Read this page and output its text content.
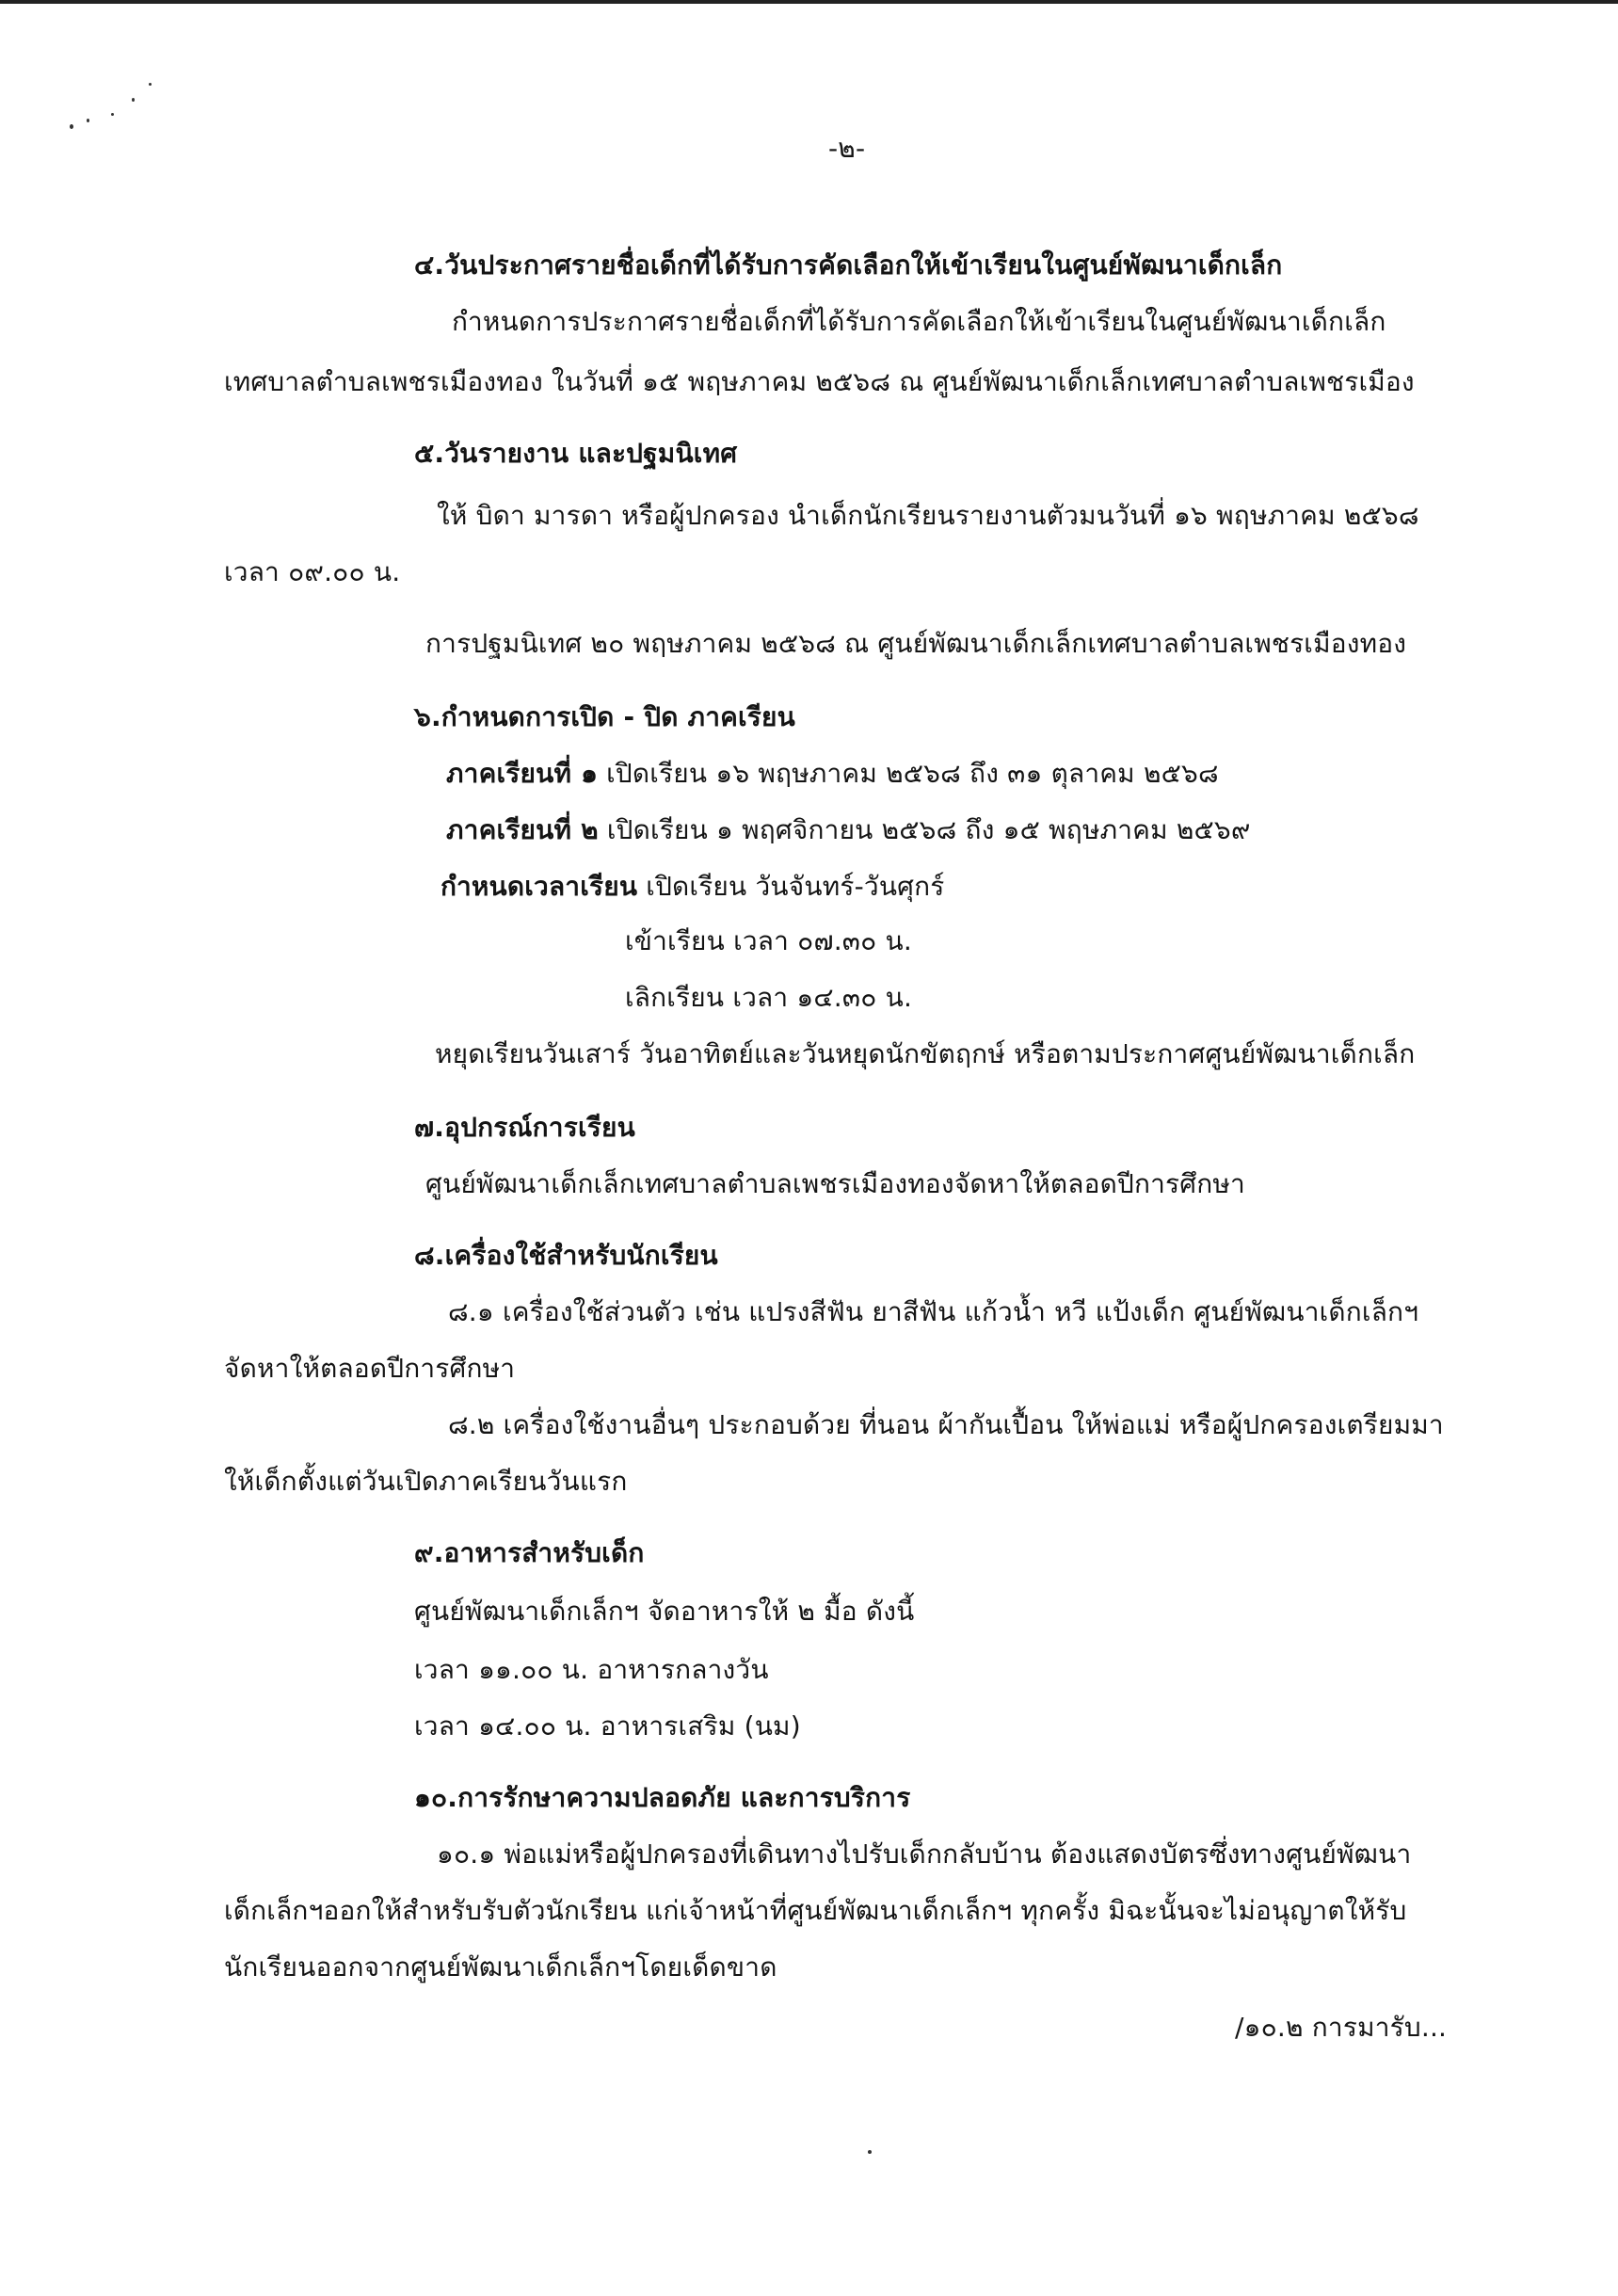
-๒-
๔.วันประกาศรายชื่อเด็กที่ได้รับการคัดเลือกให้เข้าเรียนในศูนย์พัฒนาเด็กเล็ก
กำหนดการประกาศรายชื่อเด็กที่ได้รับการคัดเลือกให้เข้าเรียนในศูนย์พัฒนาเด็กเล็ก
เทศบาลตำบลเพชรเมืองทอง ในวันที่ ๑๕ พฤษภาคม ๒๕๖๘ ณ ศูนย์พัฒนาเด็กเล็กเทศบาลตำบลเพชรเมือง
๕.วันรายงาน และปฐมนิเทศ
ให้ บิดา มารดา หรือผู้ปกครอง นำเด็กนักเรียนรายงานตัวมนวันที่ ๑๖ พฤษภาคม ๒๕๖๘
เวลา ๐๙.๐๐ น.
การปฐมนิเทศ ๒๐ พฤษภาคม ๒๕๖๘ ณ ศูนย์พัฒนาเด็กเล็กเทศบาลตำบลเพชรเมืองทอง
๖.กำหนดการเปิด - ปิด ภาคเรียน
ภาคเรียนที่ ๑ เปิดเรียน ๑๖ พฤษภาคม ๒๕๖๘ ถึง ๓๑ ตุลาคม ๒๕๖๘
ภาคเรียนที่ ๒ เปิดเรียน ๑ พฤศจิกายน ๒๕๖๘ ถึง ๑๕ พฤษภาคม ๒๕๖๙
กำหนดเวลาเรียน เปิดเรียน วันจันทร์-วันศุกร์
เข้าเรียน เวลา ๐๗.๓๐ น.
เลิกเรียน เวลา ๑๔.๓๐ น.
หยุดเรียนวันเสาร์ วันอาทิตย์และวันหยุดนักขัตฤกษ์ หรือตามประกาศศูนย์พัฒนาเด็กเล็ก
๗.อุปกรณ์การเรียน
ศูนย์พัฒนาเด็กเล็กเทศบาลตำบลเพชรเมืองทองจัดหาให้ตลอดปีการศึกษา
๘.เครื่องใช้สำหรับนักเรียน
๘.๑ เครื่องใช้ส่วนตัว เช่น แปรงสีฟัน ยาสีฟัน แก้วน้ำ หวี แป้งเด็ก ศูนย์พัฒนาเด็กเล็กฯ
จัดหาให้ตลอดปีการศึกษา
๘.๒ เครื่องใช้งานอื่นๆ ประกอบด้วย ที่นอน ผ้ากันเปื้อน ให้พ่อแม่ หรือผู้ปกครองเตรียมมา
ให้เด็กตั้งแต่วันเปิดภาคเรียนวันแรก
๙.อาหารสำหรับเด็ก
ศูนย์พัฒนาเด็กเล็กฯ จัดอาหารให้ ๒ มื้อ ดังนี้
เวลา ๑๑.๐๐ น. อาหารกลางวัน
เวลา ๑๔.๐๐ น. อาหารเสริม (นม)
๑๐.การรักษาความปลอดภัย และการบริการ
๑๐.๑ พ่อแม่หรือผู้ปกครองที่เดินทางไปรับเด็กกลับบ้าน ต้องแสดงบัตรซึ่งทางศูนย์พัฒนา
เด็กเล็กฯออกให้สำหรับรับตัวนักเรียน แก่เจ้าหน้าที่ศูนย์พัฒนาเด็กเล็กฯ ทุกครั้ง มิฉะนั้นจะไม่อนุญาตให้รับ
นักเรียนออกจากศูนย์พัฒนาเด็กเล็กฯโดยเด็ดขาด
/๑๐.๒ การมารับ...
